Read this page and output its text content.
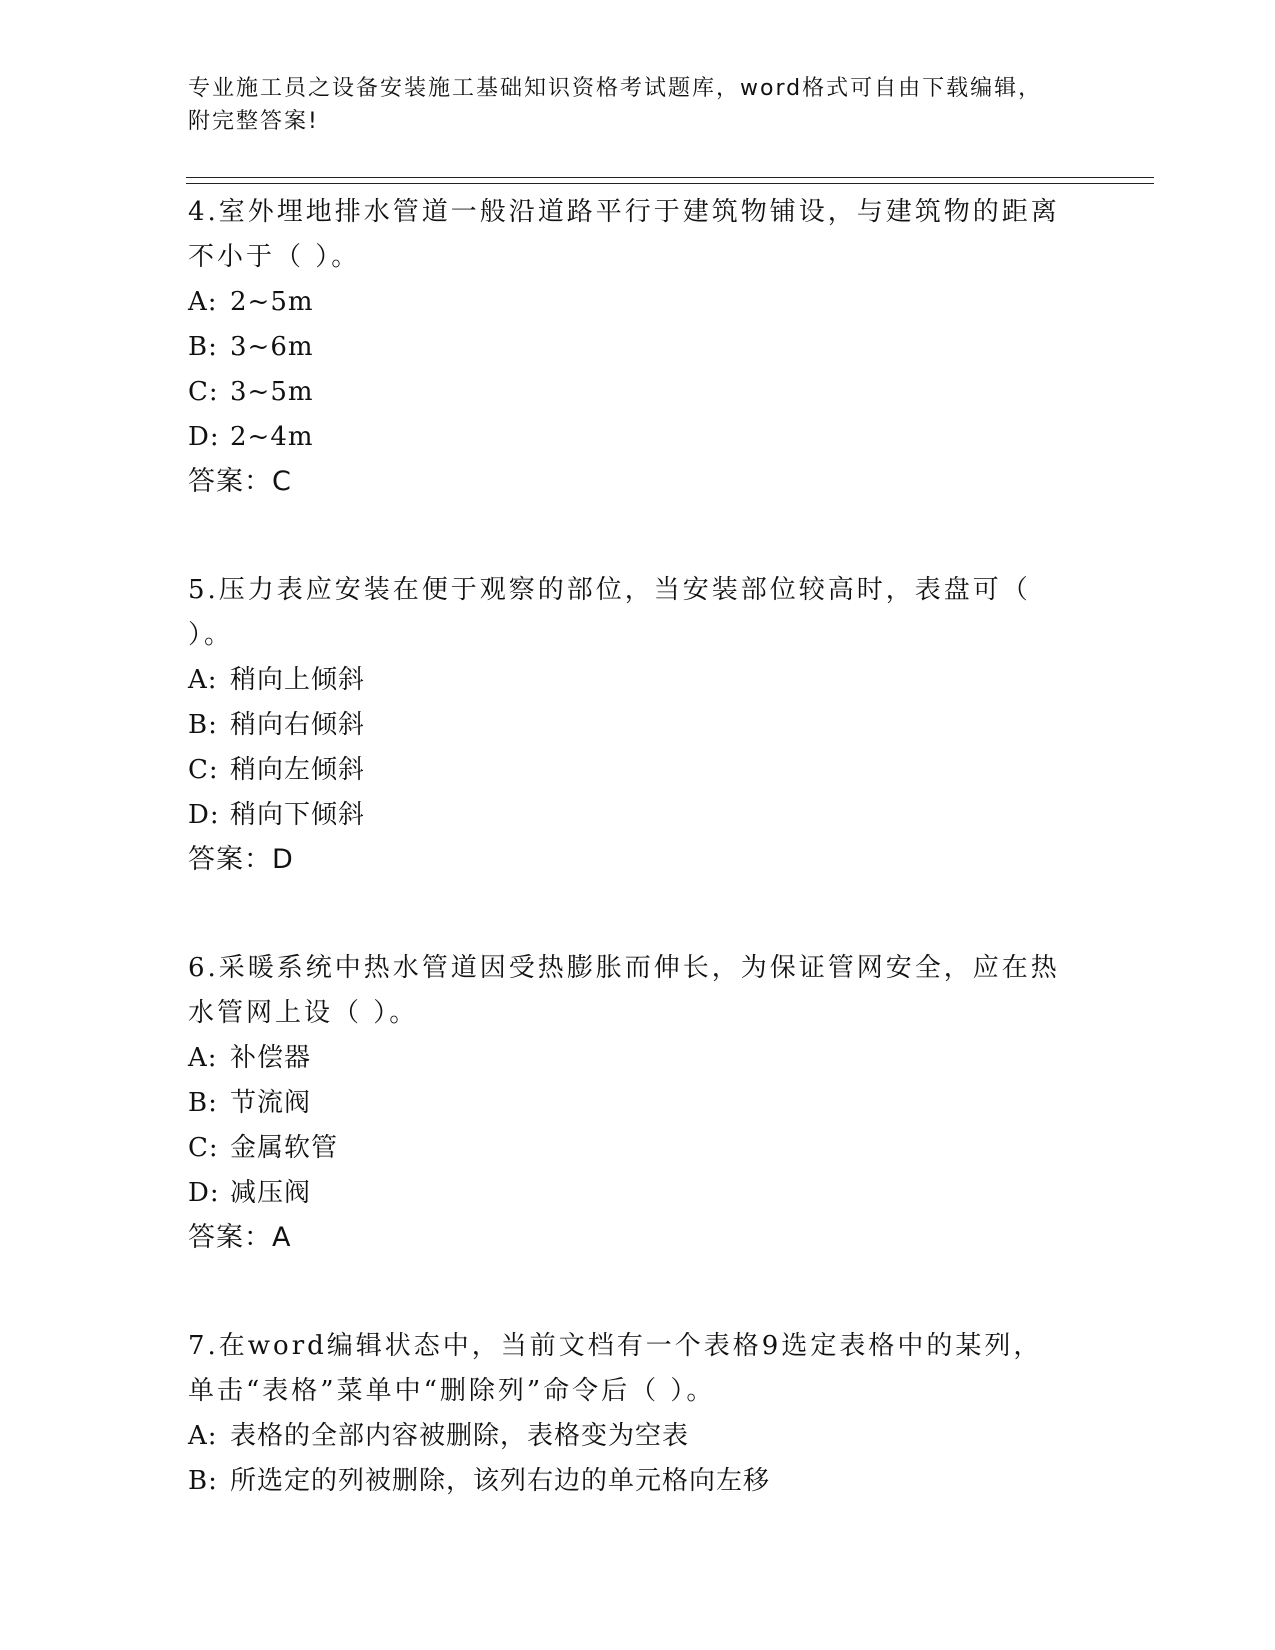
专业施工员之设备安装施工基础知识资格考试题库，word格式可自由下载编辑，
附完整答案!

4.室外埋地排水管道一般沿道路平行于建筑物铺设，与建筑物的距离不小于（ ）。

A: 2~5m

B: 3~6m

C: 3~5m

D: 2~4m

答案：C

5.压力表应安装在便于观察的部位，当安装部位较高时，表盘可（ ）。

A: 稍向上倾斜

B: 稍向右倾斜

C: 稍向左倾斜

D: 稍向下倾斜

答案：D

6.采暖系统中热水管道因受热膨胀而伸长，为保证管网安全，应在热水管网上设（ ）。

A: 补偿器

B: 节流阀

C: 金属软管

D: 减压阀

答案：A

7.在word编辑状态中，当前文档有一个表格9选定表格中的某列，单击“表格”菜单中“删除列”命令后（ ）。

A: 表格的全部内容被删除，表格变为空表

B: 所选定的列被删除，该列右边的单元格向左移
